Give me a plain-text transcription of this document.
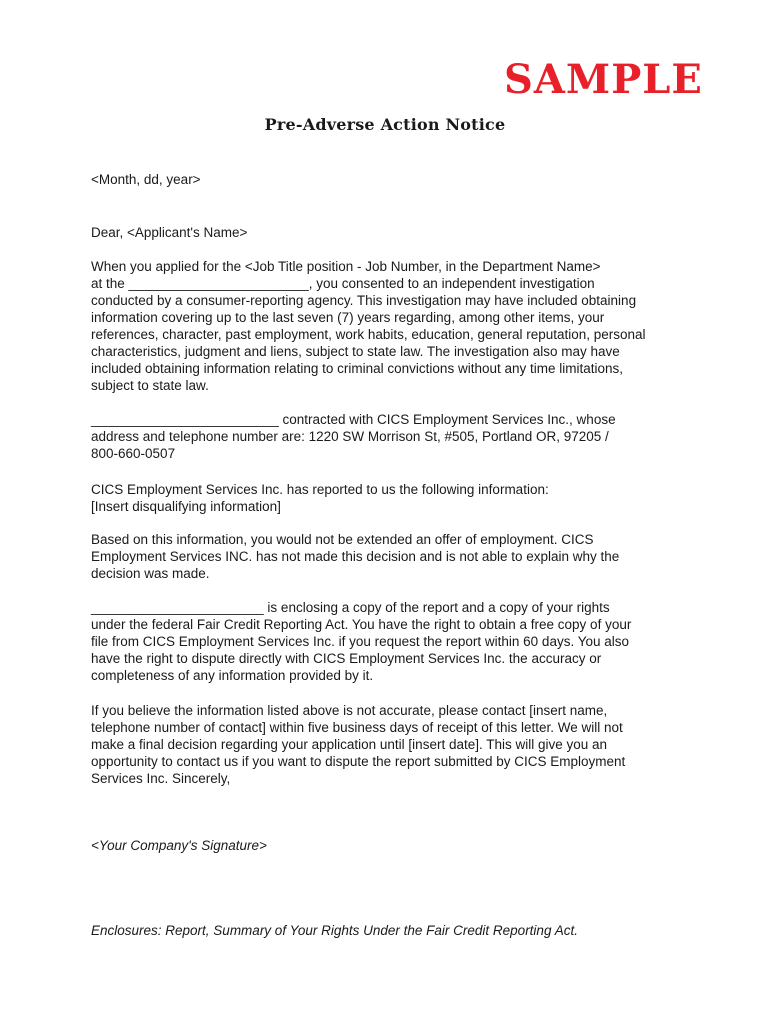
SAMPLE
Pre-Adverse Action Notice
<Month, dd, year>
Dear, <Applicant's Name>
When you applied for the <Job Title position - Job Number, in the Department Name>
at the ________________________, you consented to an independent investigation
conducted by a consumer-reporting agency. This investigation may have included obtaining
information covering up to the last seven (7) years regarding, among other items, your
references, character, past employment, work habits, education, general reputation, personal
characteristics, judgment and liens, subject to state law. The investigation also may have
included obtaining information relating to criminal convictions without any time limitations,
subject to state law.
_________________________ contracted with CICS Employment Services Inc., whose
address and telephone number are: 1220 SW Morrison St, #505, Portland OR, 97205 /
800-660-0507
CICS Employment Services Inc. has reported to us the following information:
[Insert disqualifying information]
Based on this information, you would not be extended an offer of employment. CICS
Employment Services INC. has not made this decision and is not able to explain why the
decision was made.
_______________________ is enclosing a copy of the report and a copy of your rights
under the federal Fair Credit Reporting Act. You have the right to obtain a free copy of your
file from CICS Employment Services Inc. if you request the report within 60 days. You also
have the right to dispute directly with CICS Employment Services Inc. the accuracy or
completeness of any information provided by it.
If you believe the information listed above is not accurate, please contact [insert name,
telephone number of contact] within five business days of receipt of this letter. We will not
make a final decision regarding your application until [insert date]. This will give you an
opportunity to contact us if you want to dispute the report submitted by CICS Employment
Services Inc. Sincerely,
<Your Company's Signature>
Enclosures: Report, Summary of Your Rights Under the Fair Credit Reporting Act.
